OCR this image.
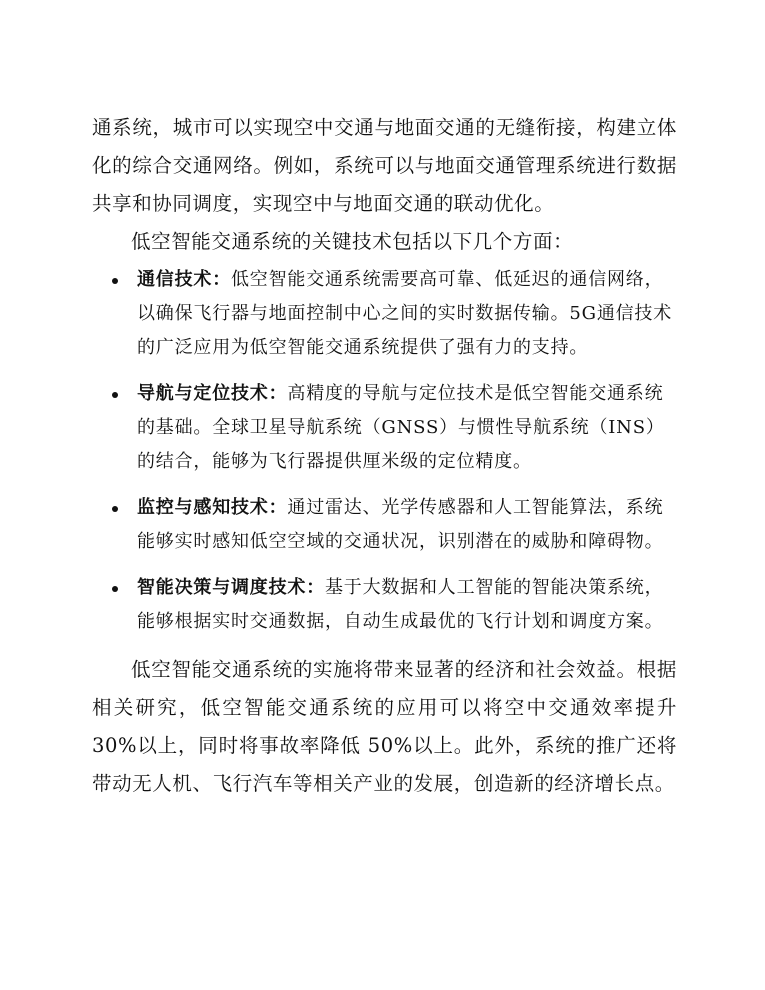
通系统，城市可以实现空中交通与地面交通的无缝衔接，构建立体化的综合交通网络。例如，系统可以与地面交通管理系统进行数据共享和协同调度，实现空中与地面交通的联动优化。

低空智能交通系统的关键技术包括以下几个方面：

通信技术：低空智能交通系统需要高可靠、低延迟的通信网络，以确保飞行器与地面控制中心之间的实时数据传输。5G通信技术的广泛应用为低空智能交通系统提供了强有力的支持。
导航与定位技术：高精度的导航与定位技术是低空智能交通系统的基础。全球卫星导航系统（GNSS）与惯性导航系统（INS）的结合，能够为飞行器提供厘米级的定位精度。
监控与感知技术：通过雷达、光学传感器和人工智能算法，系统能够实时感知低空空域的交通状况，识别潜在的威胁和障碍物。
智能决策与调度技术：基于大数据和人工智能的智能决策系统，能够根据实时交通数据，自动生成最优的飞行计划和调度方案。

低空智能交通系统的实施将带来显著的经济和社会效益。根据相关研究，低空智能交通系统的应用可以将空中交通效率提升 30%以上，同时将事故率降低 50%以上。此外，系统的推广还将带动无人机、飞行汽车等相关产业的发展，创造新的经济增长点。
